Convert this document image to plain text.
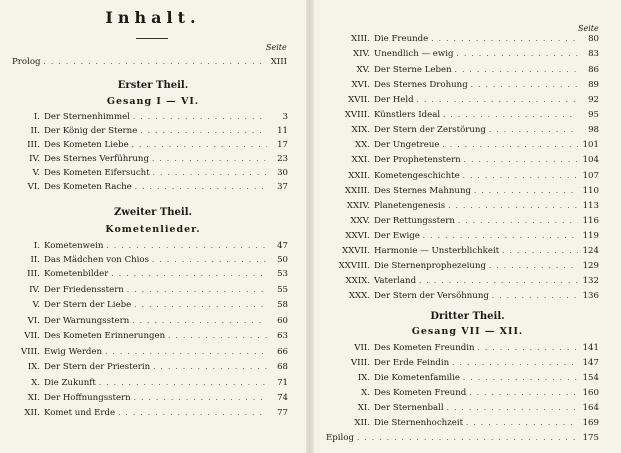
Inhalt.
Seite
Prolog . . .	XIII
Erster Theil.
Gesang I — VI.
I. Der Sternenhimmel . . .	3
II. Der König der Sterne . . .	11
III. Des Kometen Liebe . . .	17
IV. Des Sternes Verführung . . .	23
V. Des Kometen Eifersucht . . .	30
VI. Des Kometen Rache . . .	37
Zweiter Theil.
Kometenlieder.
I. Kometenwein . . .	47
II. Das Mädchen von Chios . . .	50
III. Kometenbilder . . .	53
IV. Der Friedensstern . . .	55
V. Der Stern der Liebe . . .	58
VI. Der Warnungsstern . . .	60
VII. Des Kometen Erinnerungen . . .	63
VIII. Ewig Werden . . .	66
IX. Der Stern der Priesterin . . .	68
X. Die Zukunft . . .	71
XI. Der Hoffnungsstern . . .	74
XII. Komet und Erde . . .	77
Seite
XIII. Die Freunde . . .	80
XIV. Unendlich — ewig . . .	83
XV. Der Sterne Leben . . .	86
XVI. Des Sternes Drohung . . .	89
XVII. Der Held . . .	92
XVIII. Künstlers Ideal . . .	95
XIX. Der Stern der Zerstörung . . .	98
XX. Der Ungetreue . . .	101
XXI. Der Prophetenstern . . .	104
XXII. Kometengeschichte . . .	107
XXIII. Des Sternes Mahnung . . .	110
XXIV. Planetengenesis . . .	113
XXV. Der Rettungsstern . . .	116
XXVI. Der Ewige . . .	119
XXVII. Harmonie — Unsterblichkeit . . .	124
XXVIII. Die Sternenprophezeiung . . .	129
XXIX. Vaterland . . .	132
XXX. Der Stern der Versöhnung . . .	136
Dritter Theil.
Gesang VII — XII.
VII. Des Kometen Freundin . . .	141
VIII. Der Erde Feindin . . .	147
IX. Die Kometenfamilie . . .	154
X. Des Kometen Freund . . .	160
XI. Der Sternenball . . .	164
XII. Die Sternenhochzeit . . .	169
Epilog . . .	175
